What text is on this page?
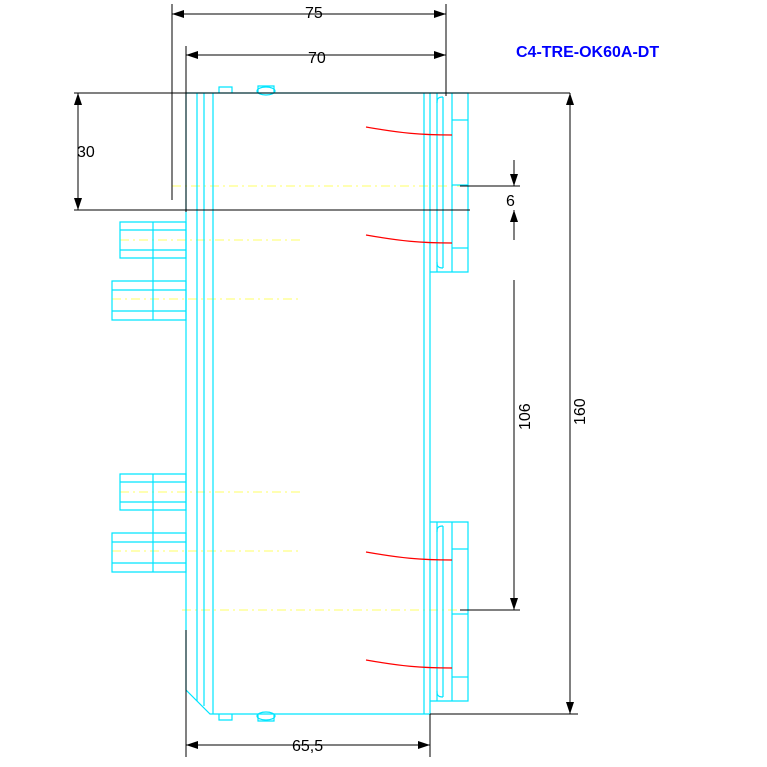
C4-TRE-OK60A-DT
75
70
30
6
106 160
65,5
